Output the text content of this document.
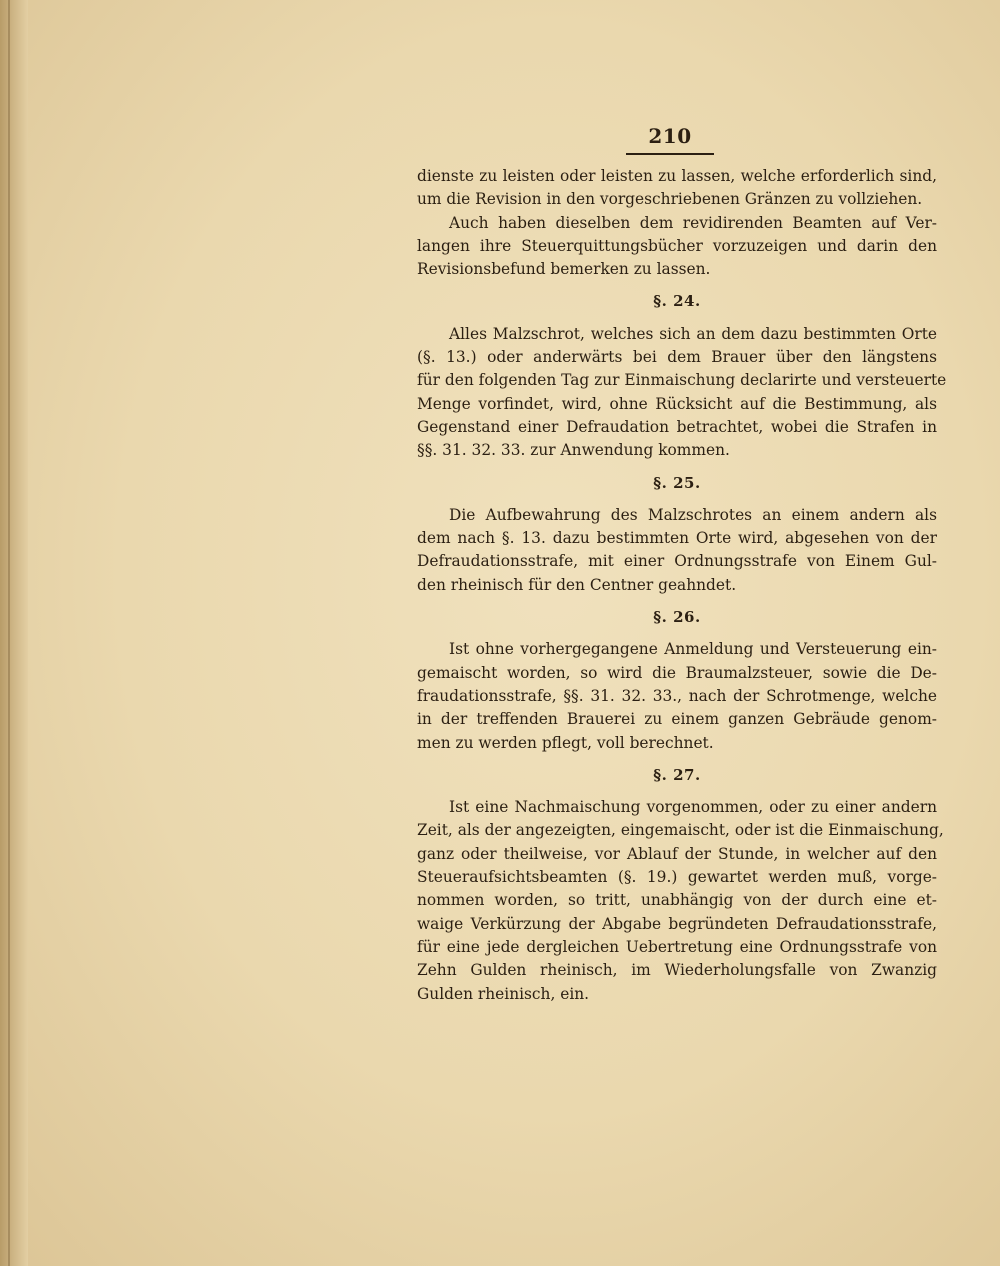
210
dienste zu leisten oder leisten zu lassen, welche erforderlich sind,
um die Revision in den vorgeschriebenen Gränzen zu vollziehen.
Auch haben dieselben dem revidirenden Beamten auf Ver-
langen ihre Steuerquittungsbücher vorzuzeigen und darin den
Revisionsbefund bemerken zu lassen.

§. 24.

Alles Malzschrot, welches sich an dem dazu bestimmten Orte
(§. 13.) oder anderwärts bei dem Brauer über den längstens
für den folgenden Tag zur Einmaischung declarirte und versteuerte
Menge vorfindet, wird, ohne Rücksicht auf die Bestimmung, als
Gegenstand einer Defraudation betrachtet, wobei die Strafen in
§§. 31. 32. 33. zur Anwendung kommen.

§. 25.

Die Aufbewahrung des Malzschrotes an einem andern als
dem nach §. 13. dazu bestimmten Orte wird, abgesehen von der
Defraudationsstrafe, mit einer Ordnungsstrafe von Einem Gul-
den rheinisch für den Centner geahndet.

§. 26.

Ist ohne vorhergegangene Anmeldung und Versteuerung ein-
gemaischt worden, so wird die Braumalzsteuer, sowie die De-
fraudationsstrafe, §§. 31. 32. 33., nach der Schrotmenge, welche
in der treffenden Brauerei zu einem ganzen Gebräude genom-
men zu werden pflegt, voll berechnet.

§. 27.

Ist eine Nachmaischung vorgenommen, oder zu einer andern
Zeit, als der angezeigten, eingemaischt, oder ist die Einmaischung,
ganz oder theilweise, vor Ablauf der Stunde, in welcher auf den
Steueraufsichtsbeamten (§. 19.) gewartet werden muß, vorge-
nommen worden, so tritt, unabhängig von der durch eine et-
waige Verkürzung der Abgabe begründeten Defraudationsstrafe,
für eine jede dergleichen Uebertretung eine Ordnungsstrafe von
Zehn Gulden rheinisch, im Wiederholungsfalle von Zwanzig
Gulden rheinisch, ein.
